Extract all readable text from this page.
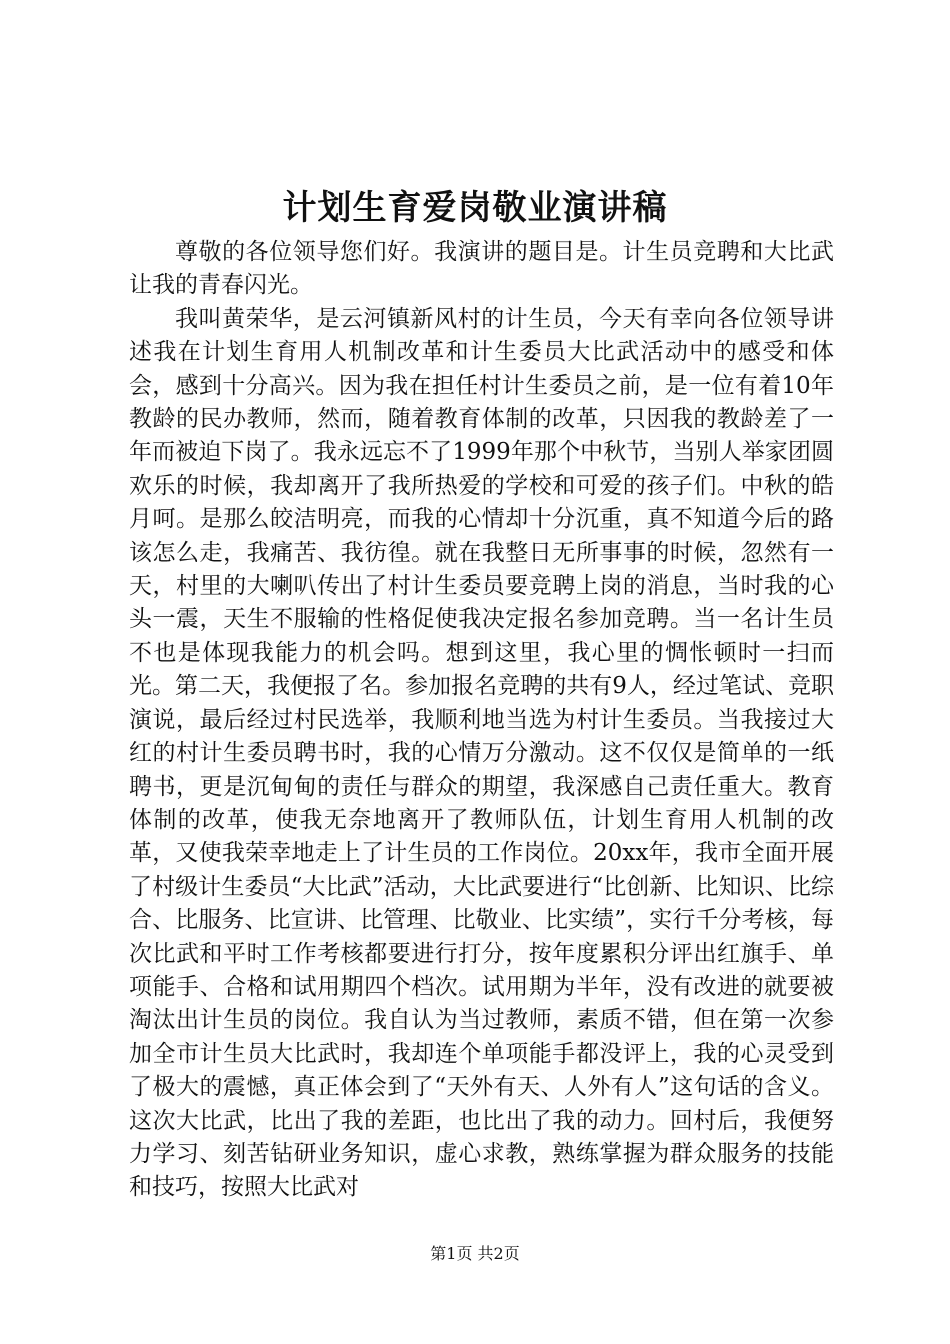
计划生育爱岗敬业演讲稿

尊敬的各位领导您们好。我演讲的题目是。计生员竞聘和大比武让我的青春闪光。

我叫黄荣华，是云河镇新风村的计生员，今天有幸向各位领导讲述我在计划生育用人机制改革和计生委员大比武活动中的感受和体会，感到十分高兴。因为我在担任村计生委员之前，是一位有着10年教龄的民办教师，然而，随着教育体制的改革，只因我的教龄差了一年而被迫下岗了。我永远忘不了1999年那个中秋节，当别人举家团圆欢乐的时候，我却离开了我所热爱的学校和可爱的孩子们。中秋的皓月呵。是那么皎洁明亮，而我的心情却十分沉重，真不知道今后的路该怎么走，我痛苦、我彷徨。就在我整日无所事事的时候，忽然有一天，村里的大喇叭传出了村计生委员要竞聘上岗的消息，当时我的心头一震，天生不服输的性格促使我决定报名参加竞聘。当一名计生员不也是体现我能力的机会吗。想到这里，我心里的惆怅顿时一扫而光。第二天，我便报了名。参加报名竞聘的共有9人，经过笔试、竞职演说，最后经过村民选举，我顺利地当选为村计生委员。当我接过大红的村计生委员聘书时，我的心情万分激动。这不仅仅是简单的一纸聘书，更是沉甸甸的责任与群众的期望，我深感自己责任重大。教育体制的改革，使我无奈地离开了教师队伍，计划生育用人机制的改革，又使我荣幸地走上了计生员的工作岗位。20xx年，我市全面开展了村级计生委员“大比武”活动，大比武要进行“比创新、比知识、比综合、比服务、比宣讲、比管理、比敬业、比实绩”，实行千分考核，每次比武和平时工作考核都要进行打分，按年度累积分评出红旗手、单项能手、合格和试用期四个档次。试用期为半年，没有改进的就要被淘汰出计生员的岗位。我自认为当过教师，素质不错，但在第一次参加全市计生员大比武时，我却连个单项能手都没评上，我的心灵受到了极大的震憾，真正体会到了“天外有天、人外有人”这句话的含义。这次大比武，比出了我的差距，也比出了我的动力。回村后，我便努力学习、刻苦钻研业务知识，虚心求教，熟练掌握为群众服务的技能和技巧，按照大比武对

第1页 共2页
